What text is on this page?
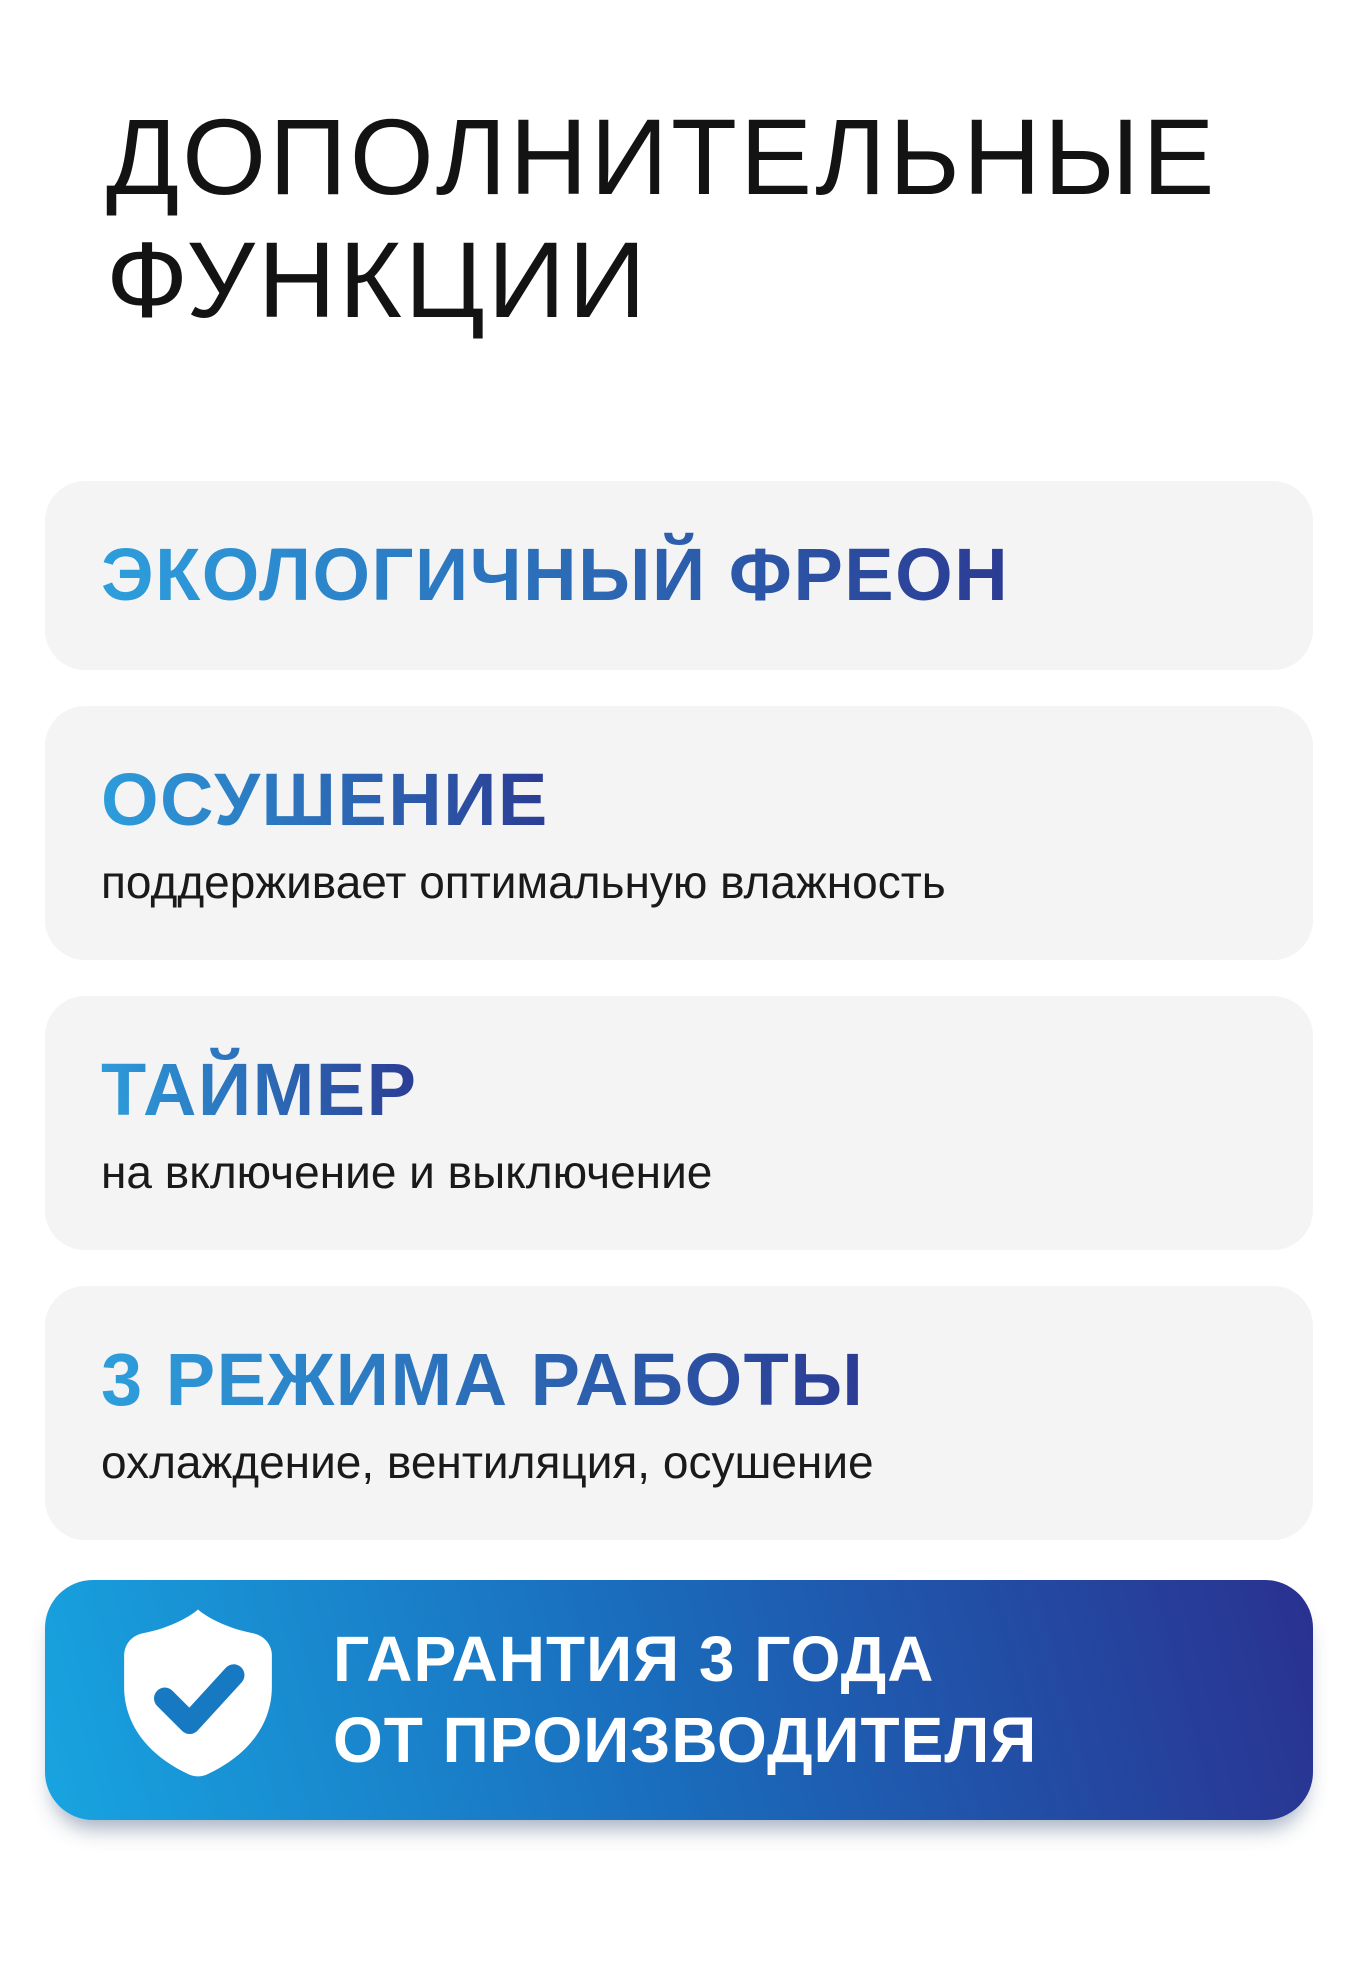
ДОПОЛНИТЕЛЬНЫЕ
ФУНКЦИИ
ЭКОЛОГИЧНЫЙ ФРЕОН
ОСУШЕНИЕ
поддерживает оптимальную влажность
ТАЙМЕР
на включение и выключение
3 РЕЖИМА РАБОТЫ
охлаждение, вентиляция, осушение
ГАРАНТИЯ 3 ГОДА
ОТ ПРОИЗВОДИТЕЛЯ
